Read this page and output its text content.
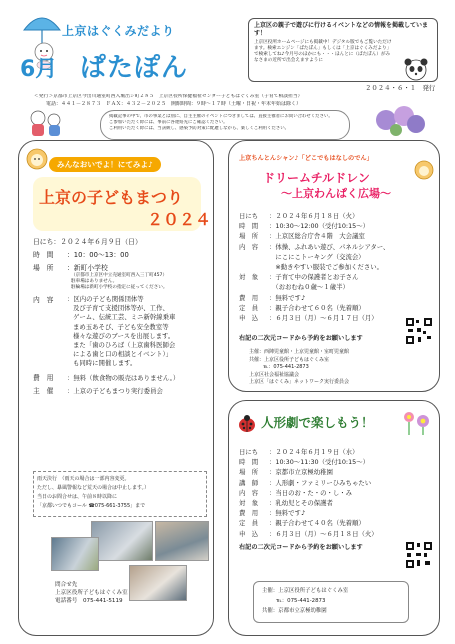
上京はぐくみだより
6月 ぱたぽん
上京区の親子で遊びに行けるイベントなどの情報を掲載しています！
上京区役所ホームページにも掲載中！デジタル版でもご覧いただけます。検索エンジン「ぱたぽん」もしくは「上京はぐくみだより」で検索してね♪今月号のほかにも・・・ほんとに（ぱたぽん）がみなさまの近所で出会えますように
２０２４・６・１　発行
＜発行＞京都市上京区今出川通室町西入堀出シ町２８５　上京区役所保健福祉センター子どもはぐくみ室（子育て相談担当）
電話：４４１－２８７３　ＦＡＸ：４３２－２０２５　開館時間：９時～１７時（土曜・日祝・年末年始は除く）
掲載記事の中で、市の事業とは別に、自主主催のイベントにつきましては、直接主催者にお問い合わせください。
ご参加いただく際には、事前に各連絡先にご確認ください。
ご利用いただく際には、当該緩し、感染予防対策に配慮しながら、楽しくご利用ください。
みんなおいでよ！にてみよ♪
上京の子どもまつり
２０２４
日にち： ２０２４年６月９日（日）
時　間	：10：00～13：00
場　所	：新町小学校
（京都市上京区中立売通室町西入三丁町457）
駐車場はありません。
駐輪場は新町小学校の指定に従ってください。
内　容	：区内の子ども関係団体等
及び子育て支援団体等が、工作、
ゲーム、伝統工芸、ミニ新幹線乗車
まめ玉あそび、子ども安全教室等
様々な遊びのブースを出展します。
また「歯のひろば（上京歯科医師会
による歯と口の相談とイベント）」
も同時に開催します。
費　用	：無料（飲食物の販売はありません。）
主　催	：上京の子どもまつり実行委員会
雨天決行　（雨天の場合は一部内容変更。
ただし、暴風警報など荒天の場合は中止します。）
当日のお問合せは、午前８時以降に
「京都いつでもコール ☎075-661-3755」まで
問合せ先
上京区役所子どもはぐくみ室
電話番号　075-441-5119
上京ちんとんシャン♪「どこでもはなしのでん」
ドリームチルドレン
～上京わんぱく広場～
日にち	：２０２４年６月１８日（火）
時　間	：10:30～12:00（受付10:15～）
場　所	：上京区総合庁舎４階　大会議室
内　容	：体操、ふれあい遊び、パネルシアター、
　にこにこトーキング（交流会）
　※動きやすい服装でご参加ください。
対　象	：子育て中の保護者とお子さん
　（おおむね０歳～１歳半）
費　用	：無料です♪
定　員	：親子合わせて６０名（先着順）
申　込	：６月３日（月）～６月１７日（月）
右記の二次元コードから予約をお願いします
主催：西陣児童館・上京児童館・室町児童館
共催：上京区役所子どもはぐくみ室
℡：075-441-2873
上京区社会福祉協議会
上京区「はぐくみ」ネットワーク実行委員会
人形劇で楽しもう！
日にち	：２０２４年６月１９日（水）
時　間	：10:30～11:30（受付10:15～）
場　所	：京都市立京極幼稚園
講　師	：人形劇・ファミリーひみちゃたい
内　容	：当日のお・た・の・し・み
対　象	：乳幼児とその保護者
費　用	：無料です♪
定　員	：親子合わせて４０名（先着順）
申　込	：６月３日（月）～６月１８日（火）
右記の二次元コードから予約をお願いします
主催：上京区役所子どもはぐくみ室
℡：075-441-2873
共催：京都市立京極幼稚園
